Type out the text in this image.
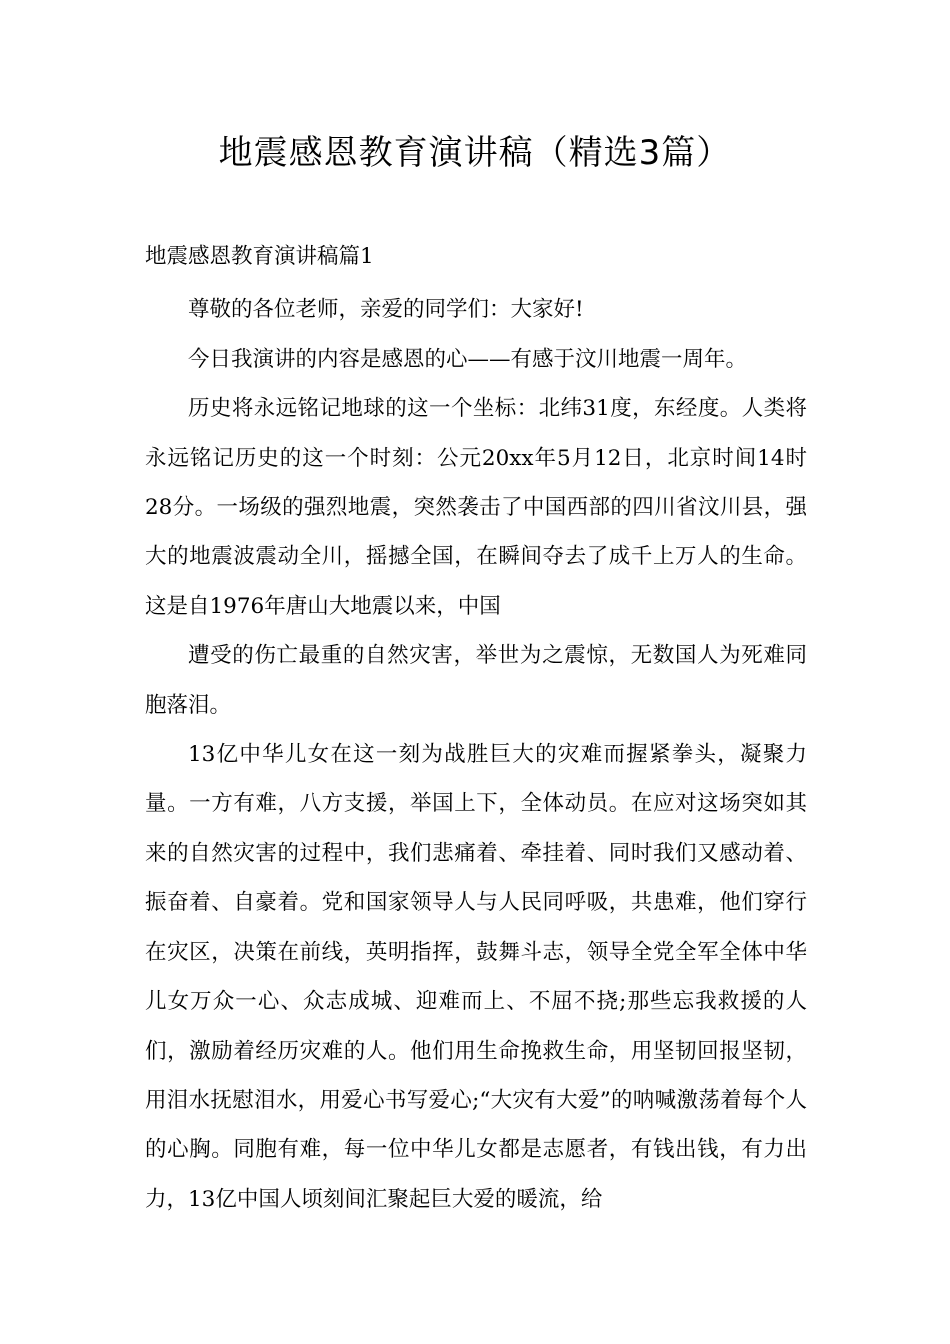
地震感恩教育演讲稿（精选3篇）

地震感恩教育演讲稿篇1

尊敬的各位老师，亲爱的同学们：大家好!

今日我演讲的内容是感恩的心——有感于汶川地震一周年。

历史将永远铭记地球的这一个坐标：北纬31度，东经度。人类将永远铭记历史的这一个时刻：公元20xx年5月12日，北京时间14时28分。一场级的强烈地震，突然袭击了中国西部的四川省汶川县，强大的地震波震动全川，摇撼全国，在瞬间夺去了成千上万人的生命。这是自1976年唐山大地震以来，中国

遭受的伤亡最重的自然灾害，举世为之震惊，无数国人为死难同胞落泪。

13亿中华儿女在这一刻为战胜巨大的灾难而握紧拳头，凝聚力量。一方有难，八方支援，举国上下，全体动员。在应对这场突如其来的自然灾害的过程中，我们悲痛着、牵挂着、同时我们又感动着、振奋着、自豪着。党和国家领导人与人民同呼吸，共患难，他们穿行在灾区，决策在前线，英明指挥，鼓舞斗志，领导全党全军全体中华儿女万众一心、众志成城、迎难而上、不屈不挠;那些忘我救援的人们，激励着经历灾难的人。他们用生命挽救生命，用坚韧回报坚韧，用泪水抚慰泪水，用爱心书写爱心;“大灾有大爱”的呐喊激荡着每个人的心胸。同胞有难，每一位中华儿女都是志愿者，有钱出钱，有力出力，13亿中国人顷刻间汇聚起巨大爱的暖流，给
